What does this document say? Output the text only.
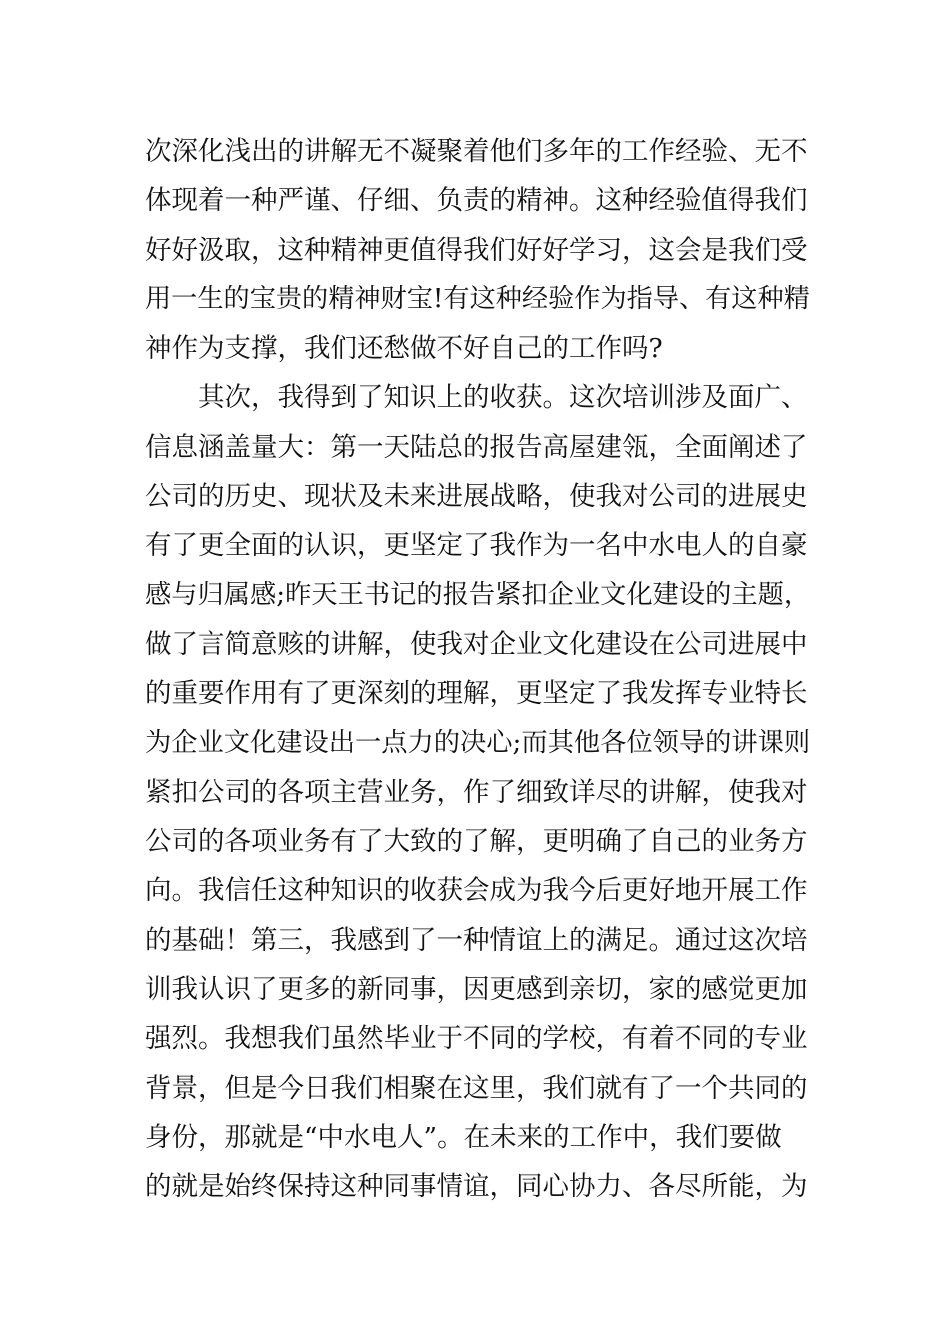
次深化浅出的讲解无不凝聚着他们多年的工作经验、无不
体现着一种严谨、仔细、负责的精神。这种经验值得我们
好好汲取，这种精神更值得我们好好学习，这会是我们受
用一生的宝贵的精神财宝!有这种经验作为指导、有这种精
神作为支撑，我们还愁做不好自己的工作吗?
其次，我得到了知识上的收获。这次培训涉及面广、
信息涵盖量大：第一天陆总的报告高屋建瓴，全面阐述了
公司的历史、现状及未来进展战略，使我对公司的进展史
有了更全面的认识，更坚定了我作为一名中水电人的自豪
感与归属感;昨天王书记的报告紧扣企业文化建设的主题，
做了言简意赅的讲解，使我对企业文化建设在公司进展中
的重要作用有了更深刻的理解，更坚定了我发挥专业特长
为企业文化建设出一点力的决心;而其他各位领导的讲课则
紧扣公司的各项主营业务，作了细致详尽的讲解，使我对
公司的各项业务有了大致的了解，更明确了自己的业务方
向。我信任这种知识的收获会成为我今后更好地开展工作
的基础！第三，我感到了一种情谊上的满足。通过这次培
训我认识了更多的新同事，因更感到亲切，家的感觉更加
强烈。我想我们虽然毕业于不同的学校，有着不同的专业
背景，但是今日我们相聚在这里，我们就有了一个共同的
身份，那就是“中水电人”。在未来的工作中，我们要做
的就是始终保持这种同事情谊，同心协力、各尽所能，为
